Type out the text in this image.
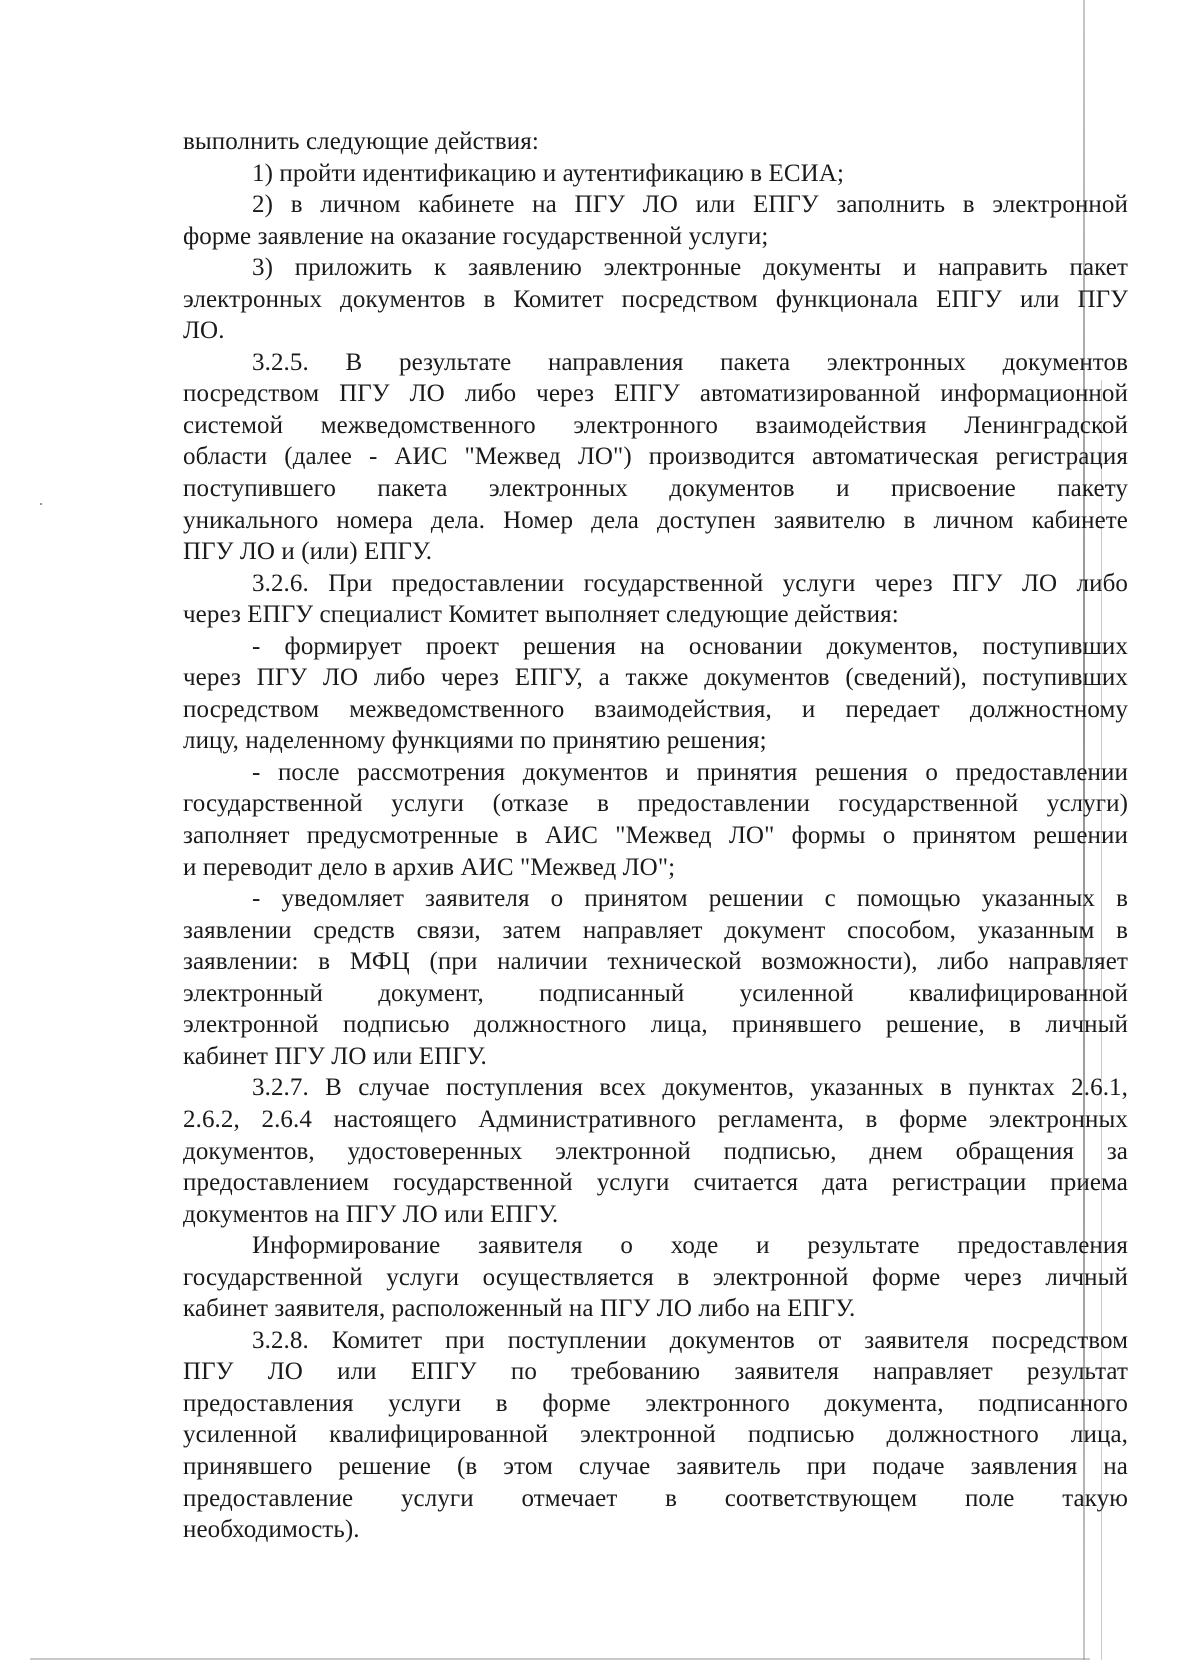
выполнить следующие действия:
1) пройти идентификацию и аутентификацию в ЕСИА;
2) в личном кабинете на ПГУ ЛО или ЕПГУ заполнить в электронной
форме заявление на оказание государственной услуги;
3) приложить к заявлению электронные документы и направить пакет
электронных документов в Комитет посредством функционала ЕПГУ или ПГУ
ЛО.
3.2.5. В результате направления пакета электронных документов
посредством ПГУ ЛО либо через ЕПГУ автоматизированной информационной
системой межведомственного электронного взаимодействия Ленинградской
области (далее - АИС "Межвед ЛО") производится автоматическая регистрация
поступившего пакета электронных документов и присвоение пакету
уникального номера дела. Номер дела доступен заявителю в личном кабинете
ПГУ ЛО и (или) ЕПГУ.
3.2.6. При предоставлении государственной услуги через ПГУ ЛО либо
через ЕПГУ специалист Комитет выполняет следующие действия:
- формирует проект решения на основании документов, поступивших
через ПГУ ЛО либо через ЕПГУ, а также документов (сведений), поступивших
посредством межведомственного взаимодействия, и передает должностному
лицу, наделенному функциями по принятию решения;
- после рассмотрения документов и принятия решения о предоставлении
государственной услуги (отказе в предоставлении государственной услуги)
заполняет предусмотренные в АИС "Межвед ЛО" формы о принятом решении
и переводит дело в архив АИС "Межвед ЛО";
- уведомляет заявителя о принятом решении с помощью указанных в
заявлении средств связи, затем направляет документ способом, указанным в
заявлении: в МФЦ (при наличии технической возможности), либо направляет
электронный документ, подписанный усиленной квалифицированной
электронной подписью должностного лица, принявшего решение, в личный
кабинет ПГУ ЛО или ЕПГУ.
3.2.7. В случае поступления всех документов, указанных в пунктах 2.6.1,
2.6.2, 2.6.4 настоящего Административного регламента, в форме электронных
документов, удостоверенных электронной подписью, днем обращения за
предоставлением государственной услуги считается дата регистрации приема
документов на ПГУ ЛО или ЕПГУ.
Информирование заявителя о ходе и результате предоставления
государственной услуги осуществляется в электронной форме через личный
кабинет заявителя, расположенный на ПГУ ЛО либо на ЕПГУ.
3.2.8. Комитет при поступлении документов от заявителя посредством
ПГУ ЛО или ЕПГУ по требованию заявителя направляет результат
предоставления услуги в форме электронного документа, подписанного
усиленной квалифицированной электронной подписью должностного лица,
принявшего решение (в этом случае заявитель при подаче заявления на
предоставление услуги отмечает в соответствующем поле такую
необходимость).
